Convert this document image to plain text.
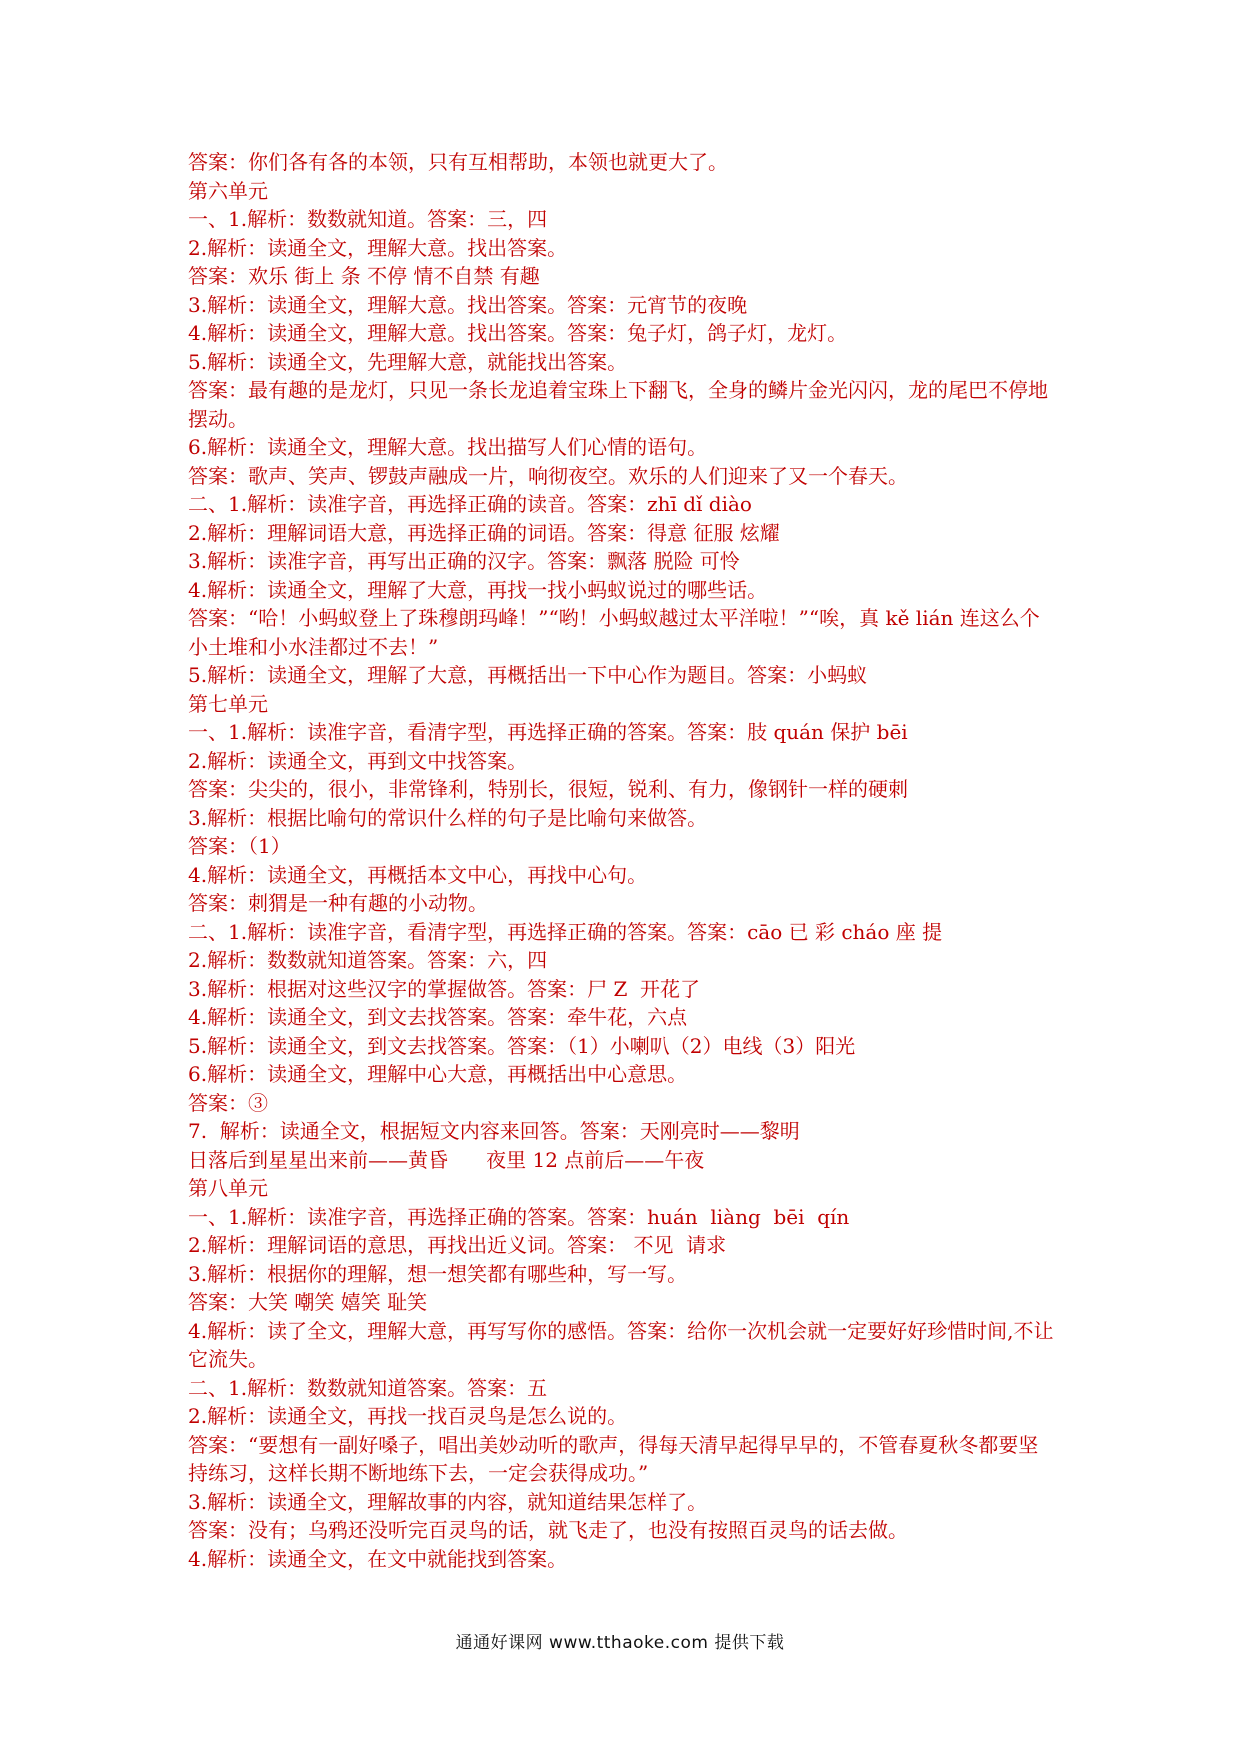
答案：你们各有各的本领，只有互相帮助，本领也就更大了。

第六单元

一、1.解析：数数就知道。答案：三，四

2.解析：读通全文，理解大意。找出答案。

答案：欢乐 街上 条 不停 情不自禁 有趣

3.解析：读通全文，理解大意。找出答案。答案：元宵节的夜晚

4.解析：读通全文，理解大意。找出答案。答案：兔子灯，鸽子灯，龙灯。

5.解析：读通全文，先理解大意，就能找出答案。

答案：最有趣的是龙灯，只见一条长龙追着宝珠上下翻飞，全身的鳞片金光闪闪，龙的尾巴不停地摆动。

6.解析：读通全文，理解大意。找出描写人们心情的语句。

答案：歌声、笑声、锣鼓声融成一片，响彻夜空。欢乐的人们迎来了又一个春天。

二、1.解析：读准字音，再选择正确的读音。答案：zhī dǐ diào

2.解析：理解词语大意，再选择正确的词语。答案：得意 征服 炫耀

3.解析：读准字音，再写出正确的汉字。答案：飘落 脱险 可怜

4.解析：读通全文，理解了大意，再找一找小蚂蚁说过的哪些话。

答案：“哈！小蚂蚁登上了珠穆朗玛峰！”“哟！小蚂蚁越过太平洋啦！”“唉，真 kě lián 连这么个小土堆和小水洼都过不去！”

5.解析：读通全文，理解了大意，再概括出一下中心作为题目。答案：小蚂蚁

第七单元

一、1.解析：读准字音，看清字型，再选择正确的答案。答案：肢 quán 保护 bēi

2.解析：读通全文，再到文中找答案。

答案：尖尖的，很小，非常锋利，特别长，很短，锐利、有力，像钢针一样的硬刺

3.解析：根据比喻句的常识什么样的句子是比喻句来做答。

答案：（1）

4.解析：读通全文，再概括本文中心，再找中心句。

答案：刺猬是一种有趣的小动物。

二、1.解析：读准字音，看清字型，再选择正确的答案。答案：cāo 已 彩 cháo 座 提

2.解析：数数就知道答案。答案：六，四

3.解析：根据对这些汉字的掌握做答。答案：尸 Z  开花了

4.解析：读通全文，到文去找答案。答案：牵牛花，六点

5.解析：读通全文，到文去找答案。答案：（1）小喇叭（2）电线（3）阳光

6.解析：读通全文，理解中心大意，再概括出中心意思。

答案：③

7.  解析：读通全文，根据短文内容来回答。答案：天刚亮时——黎明

日落后到星星出来前——黄昏      夜里 12 点前后——午夜

第八单元

一、1.解析：读准字音，再选择正确的答案。答案：huán  liàng  bēi  qín

2.解析：理解词语的意思，再找出近义词。答案： 不见  请求

3.解析：根据你的理解，想一想笑都有哪些种，写一写。

答案：大笑 嘲笑 嬉笑 耻笑

4.解析：读了全文，理解大意，再写写你的感悟。答案：给你一次机会就一定要好好珍惜时间,不让它流失。

二、1.解析：数数就知道答案。答案：五

2.解析：读通全文，再找一找百灵鸟是怎么说的。

答案：“要想有一副好嗓子，唱出美妙动听的歌声，得每天清早起得早早的，不管春夏秋冬都要坚持练习，这样长期不断地练下去，一定会获得成功。”

3.解析：读通全文，理解故事的内容，就知道结果怎样了。

答案：没有；乌鸦还没听完百灵鸟的话，就飞走了，也没有按照百灵鸟的话去做。

4.解析：读通全文，在文中就能找到答案。

通通好课网 www.tthaoke.com 提供下载
